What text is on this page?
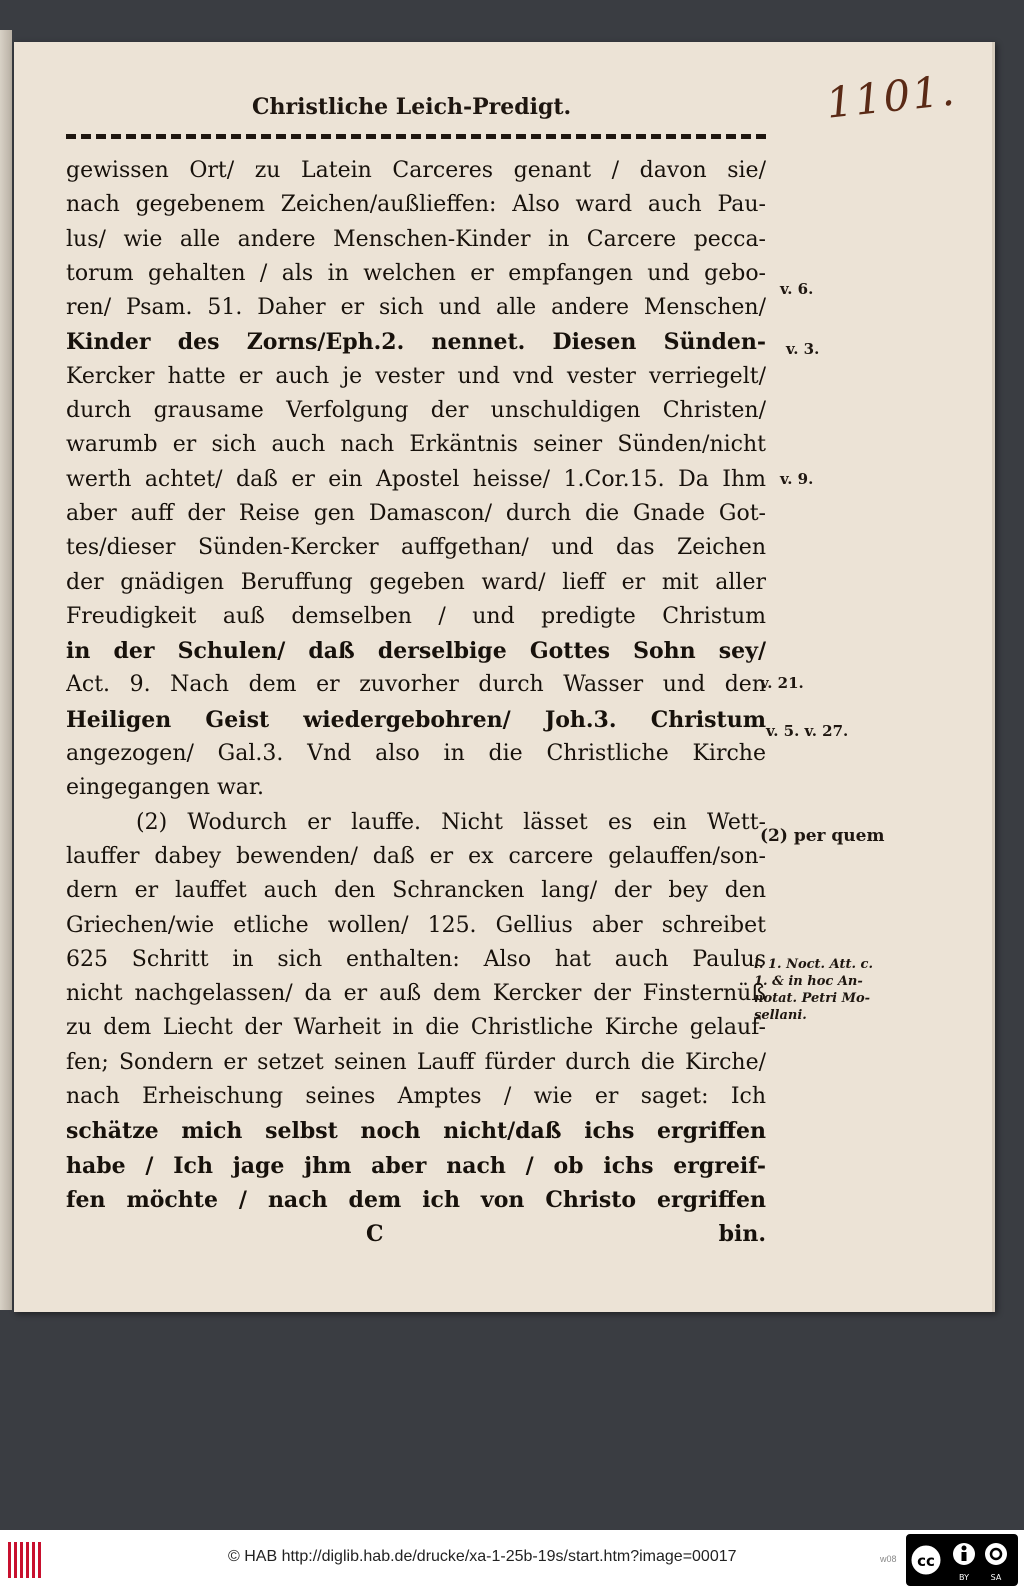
1101.
Christliche Leich-Predigt.
gewissen Ort/ zu Latein Carceres genant / davon sie/
nach gegebenem Zeichen/außlieffen: Also ward auch Pau-
lus/ wie alle andere Menschen-Kinder in Carcere pecca-
torum gehalten / als in welchen er empfangen und gebo-
ren/ Psam. 51. Daher er sich und alle andere Menschen/
Kinder des Zorns/Eph.2. nennet. Diesen Sünden-
Kercker hatte er auch je vester und vnd vester verriegelt/
durch grausame Verfolgung der unschuldigen Christen/
warumb er sich auch nach Erkäntnis seiner Sünden/nicht
werth achtet/ daß er ein Apostel heisse/ 1.Cor.15. Da Ihm
aber auff der Reise gen Damascon/ durch die Gnade Got-
tes/dieser Sünden-Kercker auffgethan/ und das Zeichen
der gnädigen Beruffung gegeben ward/ lieff er mit aller
Freudigkeit auß demselben / und predigte Christum
in der Schulen/ daß derselbige Gottes Sohn sey/
Act. 9. Nach dem er zuvorher durch Wasser und den
Heiligen Geist wiedergebohren/ Joh.3. Christum
angezogen/ Gal.3. Vnd also in die Christliche Kirche
eingegangen war.
(2) Wodurch er lauffe. Nicht lässet es ein Wett-
lauffer dabey bewenden/ daß er ex carcere gelauffen/son-
dern er lauffet auch den Schrancken lang/ der bey den
Griechen/wie etliche wollen/ 125. Gellius aber schreibet
625 Schritt in sich enthalten: Also hat auch Paulus
nicht nachgelassen/ da er auß dem Kercker der Finsternüß
zu dem Liecht der Warheit in die Christliche Kirche gelauf-
fen; Sondern er setzet seinen Lauff fürder durch die Kirche/
nach Erheischung seines Amptes / wie er saget: Ich
schätze mich selbst noch nicht/daß ichs ergriffen
habe / Ich jage jhm aber nach / ob ichs ergreif-
fen möchte / nach dem ich von Christo ergriffen
C	bin.
v. 6.
v. 3.
v. 9.
v. 21.
v. 5. v. 27.
(2) per quem
l. 1. Noct. Att. c.
1. & in hoc An-
notat. Petri Mo-
sellani.
© HAB http://diglib.hab.de/drucke/xa-1-25b-19s/start.htm?image=00017	w08 cc
BY	SA
